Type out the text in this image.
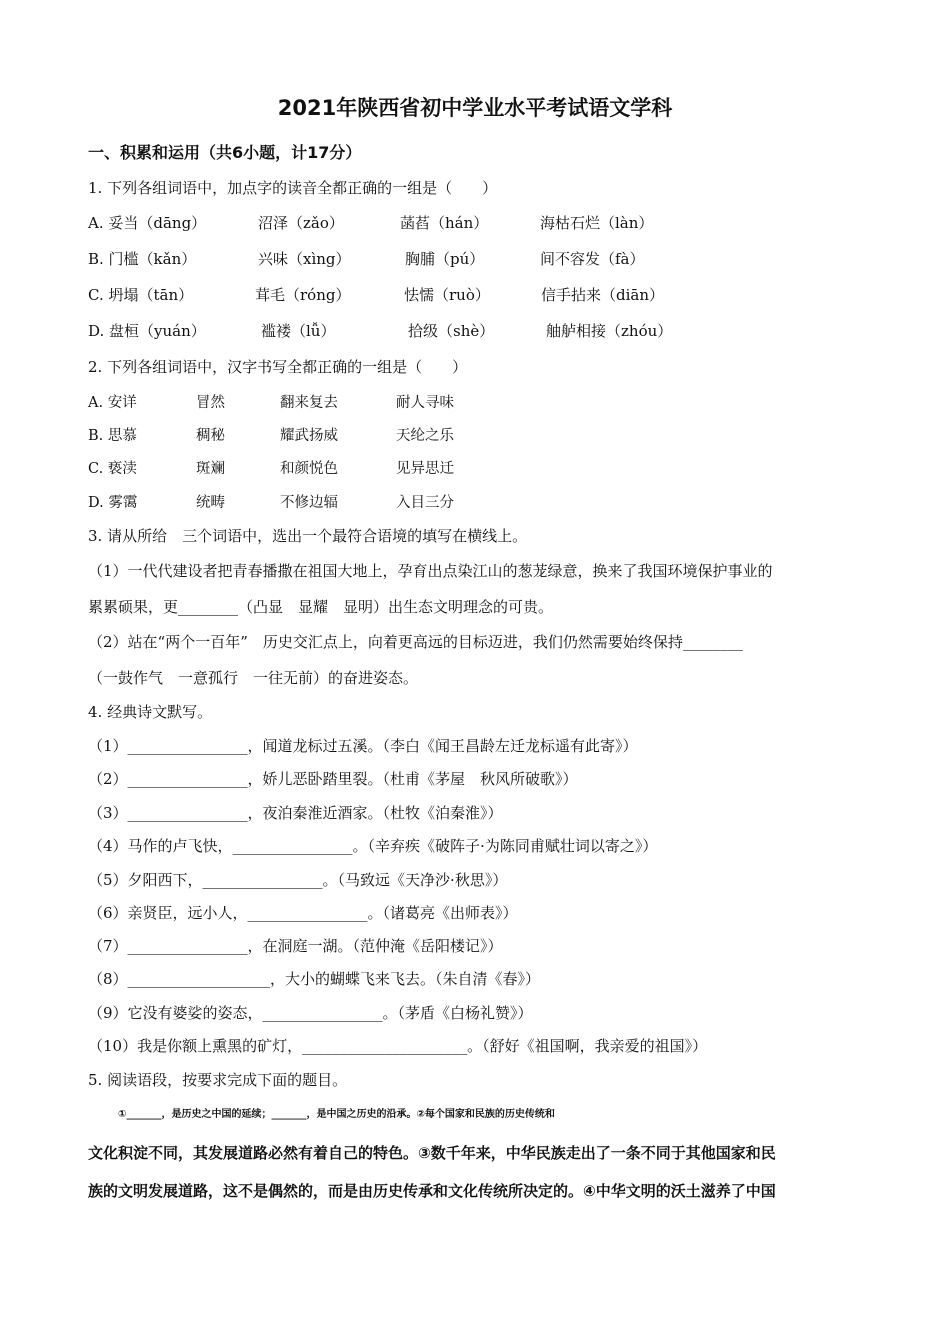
2021年陕西省初中学业水平考试语文学科
一、积累和运用（共6小题，计17分）
1. 下列各组词语中，加点字的读音全都正确的一组是（　　）
A. 妥当（dāng）	沼泽（zǎo）	菡萏（hán）	海枯石烂（làn）
B. 门槛（kǎn）	兴味（xìng）	胸脯（pú）	间不容发（fà）
C. 坍塌（tān）	茸毛（róng）	怯懦（ruò）	信手拈来（diān）
D. 盘桓（yuán）	褴褛（lǚ）	拾级（shè）	舳舻相接（zhóu）
2. 下列各组词语中，汉字书写全都正确的一组是（　　）
A. 安详	冒然	翻来复去	耐人寻味
B. 思慕	稠秘	耀武扬威	天纶之乐
C. 亵渎	斑斓	和颜悦色	见异思迁
D. 雾霭	统畴	不修边辐	入目三分
3. 请从所给　三个词语中，选出一个最符合语境的填写在横线上。
（1）一代代建设者把青春播撒在祖国大地上，孕育出点染江山的葱茏绿意，换来了我国环境保护事业的
累累硕果，更________（凸显　显耀　显明）出生态文明理念的可贵。
（2）站在“两个一百年”　历史交汇点上，向着更高远的目标迈进，我们仍然需要始终保持________
（一鼓作气　一意孤行　一往无前）的奋进姿态。
4. 经典诗文默写。
（1）________________，闻道龙标过五溪。（李白《闻王昌龄左迁龙标遥有此寄》）
（2）________________，娇儿恶卧踏里裂。（杜甫《茅屋　秋风所破歌》）
（3）________________，夜泊秦淮近酒家。（杜牧《泊秦淮》）
（4）马作的卢飞快，________________。（辛弃疾《破阵子·为陈同甫赋壮词以寄之》）
（5）夕阳西下，________________。（马致远《天净沙·秋思》）
（6）亲贤臣，远小人，________________。（诸葛亮《出师表》）
（7）________________，在洞庭一湖。（范仲淹《岳阳楼记》）
（8）___________________，大小的蝴蝶飞来飞去。（朱自清《春》）
（9）它没有婆娑的姿态，________________。（茅盾《白杨礼赞》）
（10）我是你额上熏黑的矿灯，______________________。（舒好《祖国啊，我亲爱的祖国》）
5. 阅读语段，按要求完成下面的题目。
①_______，是历史之中国的延续；_______，是中国之历史的沿承。②每个国家和民族的历史传统和
文化积淀不同，其发展道路必然有着自己的特色。③数千年来，中华民族走出了一条不同于其他国家和民
族的文明发展道路，这不是偶然的，而是由历史传承和文化传统所决定的。④中华文明的沃土滋养了中国
